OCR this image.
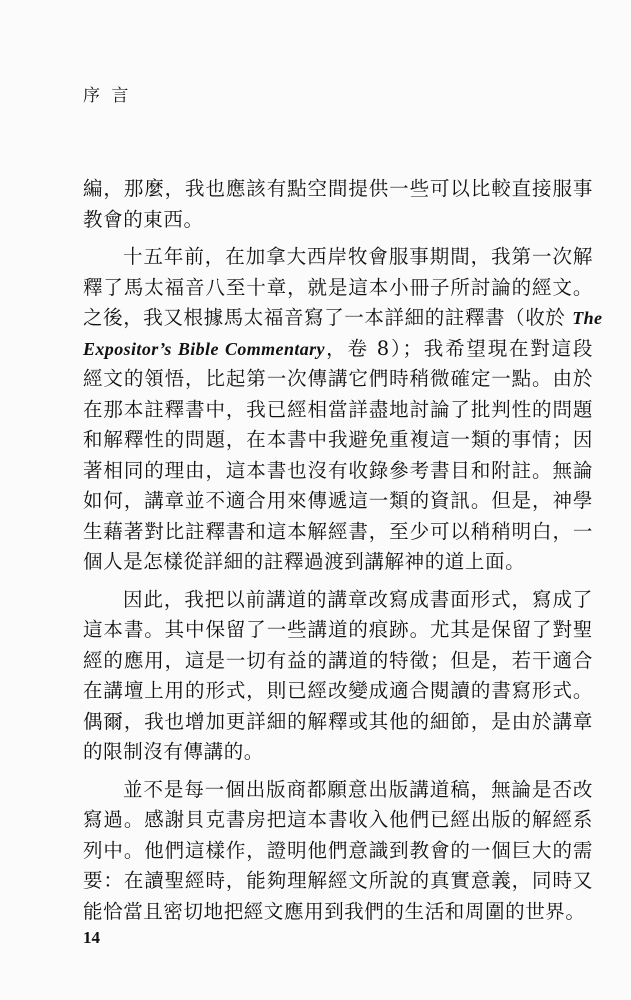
序 言
編，那麼，我也應該有點空間提供一些可以比較直接服事
教會的東西。
十五年前，在加拿大西岸牧會服事期間，我第一次解
釋了馬太福音八至十章，就是這本小冊子所討論的經文。
之後，我又根據馬太福音寫了一本詳細的註釋書（收於 The
Expositor’s Bible Commentary，卷 8）；我希望現在對這段
經文的領悟，比起第一次傳講它們時稍微確定一點。由於
在那本註釋書中，我已經相當詳盡地討論了批判性的問題
和解釋性的問題，在本書中我避免重複這一類的事情；因
著相同的理由，這本書也沒有收錄參考書目和附註。無論
如何，講章並不適合用來傳遞這一類的資訊。但是，神學
生藉著對比註釋書和這本解經書，至少可以稍稍明白，一
個人是怎樣從詳細的註釋過渡到講解神的道上面。
因此，我把以前講道的講章改寫成書面形式，寫成了
這本書。其中保留了一些講道的痕跡。尤其是保留了對聖
經的應用，這是一切有益的講道的特徵；但是，若干適合
在講壇上用的形式，則已經改變成適合閱讀的書寫形式。
偶爾，我也增加更詳細的解釋或其他的細節，是由於講章
的限制沒有傳講的。
並不是每一個出版商都願意出版講道稿，無論是否改
寫過。感謝貝克書房把這本書收入他們已經出版的解經系
列中。他們這樣作，證明他們意識到教會的一個巨大的需
要：在讀聖經時，能夠理解經文所說的真實意義，同時又
能恰當且密切地把經文應用到我們的生活和周圍的世界。
14
